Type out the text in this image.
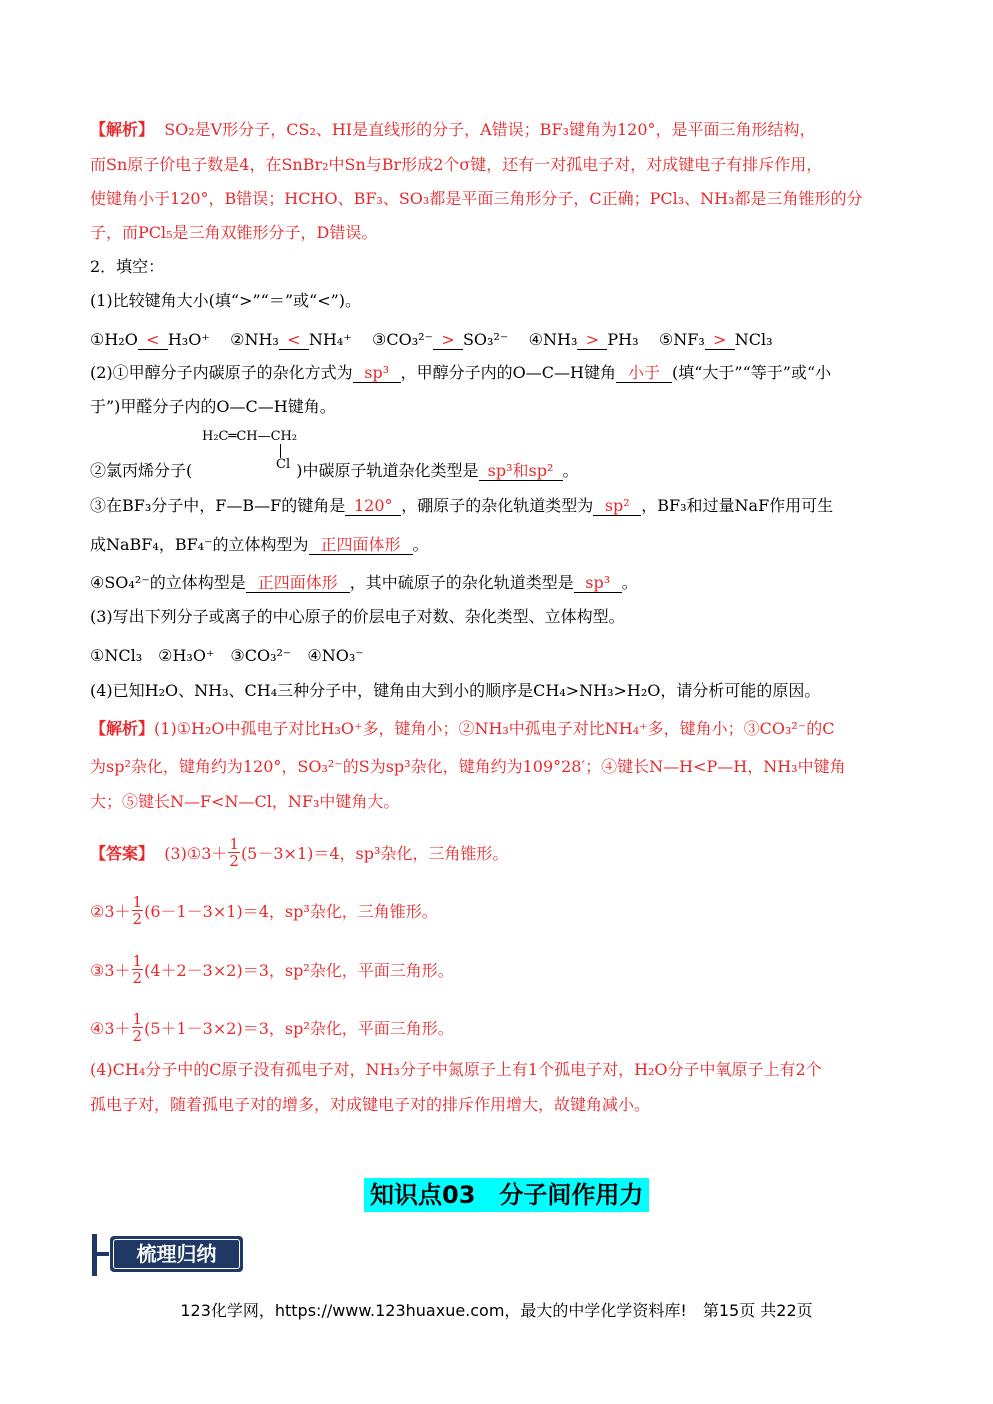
【解析】 SO₂是V形分子，CS₂、HI是直线形的分子，A错误；BF₃键角为120°，是平面三角形结构，
而Sn原子价电子数是4，在SnBr₂中Sn与Br形成2个σ键，还有一对孤电子对，对成键电子有排斥作用，
使键角小于120°，B错误；HCHO、BF₃、SO₃都是平面三角形分子，C正确；PCl₃、NH₃都是三角锥形的分
子，而PCl₅是三角双锥形分子，D错误。
2．填空：
(1)比较键角大小(填“>”“＝”或“<”)。
①H₂O < H₃O⁺ ②NH₃ < NH₄⁺ ③CO₃²⁻ > SO₃²⁻ ④NH₃ > PH₃ ⑤NF₃ > NCl₃
(2)①甲醇分子内碳原子的杂化方式为 sp³ ，甲醇分子内的O—C—H键角 小于 (填“大于”“等于”或“小
于”)甲醛分子内的O—C—H键角。
H₂C═CH—CH₂
Cl
②氯丙烯分子(	)中碳原子轨道杂化类型是 sp³和sp² 。
③在BF₃分子中，F—B—F的键角是 120° ，硼原子的杂化轨道类型为 sp² ，BF₃和过量NaF作用可生
成NaBF₄，BF₄⁻的立体构型为 正四面体形 。
④SO₄²⁻的立体构型是 正四面体形 ，其中硫原子的杂化轨道类型是 sp³ 。
(3)写出下列分子或离子的中心原子的价层电子对数、杂化类型、立体构型。
①NCl₃　②H₃O⁺　③CO₃²⁻　④NO₃⁻
(4)已知H₂O、NH₃、CH₄三种分子中，键角由大到小的顺序是CH₄>NH₃>H₂O，请分析可能的原因。
【解析】(1)①H₂O中孤电子对比H₃O⁺多，键角小；②NH₃中孤电子对比NH₄⁺多，键角小；③CO₃²⁻的C
为sp²杂化，键角约为120°，SO₃²⁻的S为sp³杂化，键角约为109°28′；④键长N—H<P—H，NH₃中键角
大；⑤键长N—F<N—Cl，NF₃中键角大。
【答案】 (3)①3＋ $\frac{1}{2} (5-3\times 1)=4$，sp³杂化，三角锥形。
②3＋ $\frac{1}{2} (6-1-3\times 1)=4$，sp³杂化，三角锥形。
③3＋ $\frac{1}{2} (4+2-3\times 2)=3$，sp²杂化，平面三角形。
④3＋ $\frac{1}{2} (5+1-3\times 2)=3$，sp²杂化，平面三角形。
(4)CH₄分子中的C原子没有孤电子对，NH₃分子中氮原子上有1个孤电子对，H₂O分子中氧原子上有2个
孤电子对，随着孤电子对的增多，对成键电子对的排斥作用增大，故键角减小。
知识点03　分子间作用力
梳理归纳
123化学网，https://www.123huaxue.com，最大的中学化学资料库!　第15页 共22页
